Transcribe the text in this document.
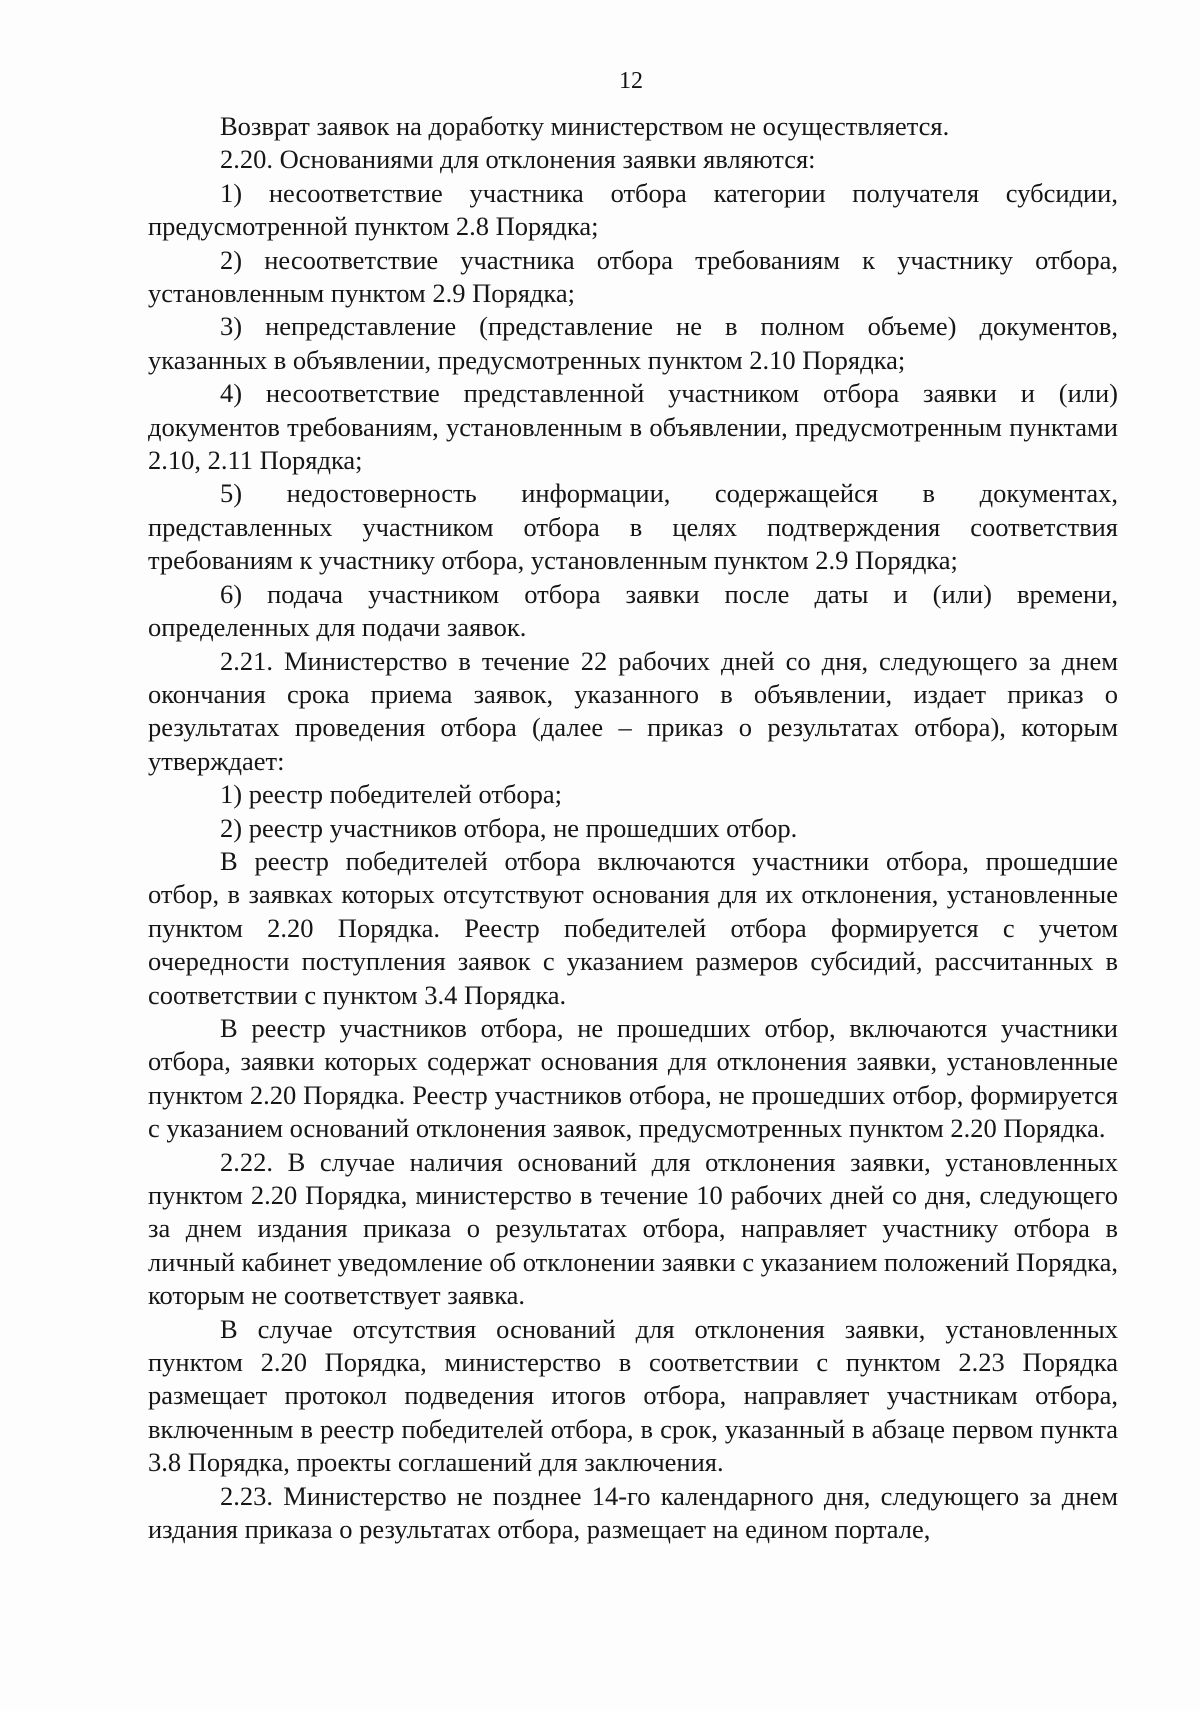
12

Возврат заявок на доработку министерством не осуществляется.

2.20. Основаниями для отклонения заявки являются:

1) несоответствие участника отбора категории получателя субсидии, предусмотренной пунктом 2.8 Порядка;

2) несоответствие участника отбора требованиям к участнику отбора, установленным пунктом 2.9 Порядка;

3) непредставление (представление не в полном объеме) документов, указанных в объявлении, предусмотренных пунктом 2.10 Порядка;

4) несоответствие представленной участником отбора заявки и (или) документов требованиям, установленным в объявлении, предусмотренным пунктами 2.10, 2.11 Порядка;

5) недостоверность информации, содержащейся в документах, представленных участником отбора в целях подтверждения соответствия требованиям к участнику отбора, установленным пунктом 2.9 Порядка;

6) подача участником отбора заявки после даты и (или) времени, определенных для подачи заявок.

2.21. Министерство в течение 22 рабочих дней со дня, следующего за днем окончания срока приема заявок, указанного в объявлении, издает приказ о результатах проведения отбора (далее – приказ о результатах отбора), которым утверждает:

1) реестр победителей отбора;

2) реестр участников отбора, не прошедших отбор.

В реестр победителей отбора включаются участники отбора, прошедшие отбор, в заявках которых отсутствуют основания для их отклонения, установленные пунктом 2.20 Порядка. Реестр победителей отбора формируется с учетом очередности поступления заявок с указанием размеров субсидий, рассчитанных в соответствии с пунктом 3.4 Порядка.

В реестр участников отбора, не прошедших отбор, включаются участники отбора, заявки которых содержат основания для отклонения заявки, установленные пунктом 2.20 Порядка. Реестр участников отбора, не прошедших отбор, формируется с указанием оснований отклонения заявок, предусмотренных пунктом 2.20 Порядка.

2.22. В случае наличия оснований для отклонения заявки, установленных пунктом 2.20 Порядка, министерство в течение 10 рабочих дней со дня, следующего за днем издания приказа о результатах отбора, направляет участнику отбора в личный кабинет уведомление об отклонении заявки с указанием положений Порядка, которым не соответствует заявка.

В случае отсутствия оснований для отклонения заявки, установленных пунктом 2.20 Порядка, министерство в соответствии с пунктом 2.23 Порядка размещает протокол подведения итогов отбора, направляет участникам отбора, включенным в реестр победителей отбора, в срок, указанный в абзаце первом пункта 3.8 Порядка, проекты соглашений для заключения.

2.23. Министерство не позднее 14-го календарного дня, следующего за днем издания приказа о результатах отбора, размещает на едином портале,
